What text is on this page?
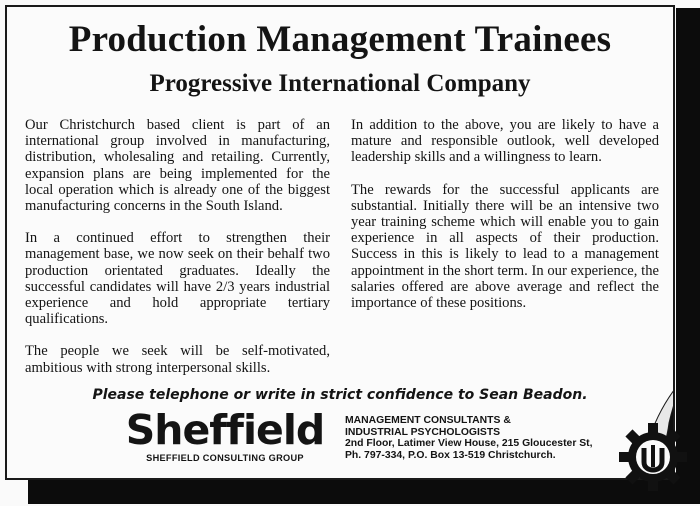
Production Management Trainees
Progressive International Company

Our Christchurch based client is part of an international group involved in manufacturing, distribution, wholesaling and retailing. Currently, expansion plans are being implemented for the local operation which is already one of the biggest manufacturing concerns in the South Island.

In a continued effort to strengthen their management base, we now seek on their behalf two production orientated graduates. Ideally the successful candidates will have 2/3 years industrial experience and hold appropriate tertiary qualifications.

The people we seek will be self-motivated, ambitious with strong interpersonal skills.

In addition to the above, you are likely to have a mature and responsible outlook, well developed leadership skills and a willingness to learn.

The rewards for the successful applicants are substantial. Initially there will be an intensive two year training scheme which will enable you to gain experience in all aspects of their production. Success in this is likely to lead to a management appointment in the short term. In our experience, the salaries offered are above average and reflect the importance of these positions.

Please telephone or write in strict confidence to Sean Beadon.
Sheffield
SHEFFIELD CONSULTING GROUP
MANAGEMENT CONSULTANTS &
INDUSTRIAL PSYCHOLOGISTS
2nd Floor, Latimer View House, 215 Gloucester St,
Ph. 797-334, P.O. Box 13-519 Christchurch.
